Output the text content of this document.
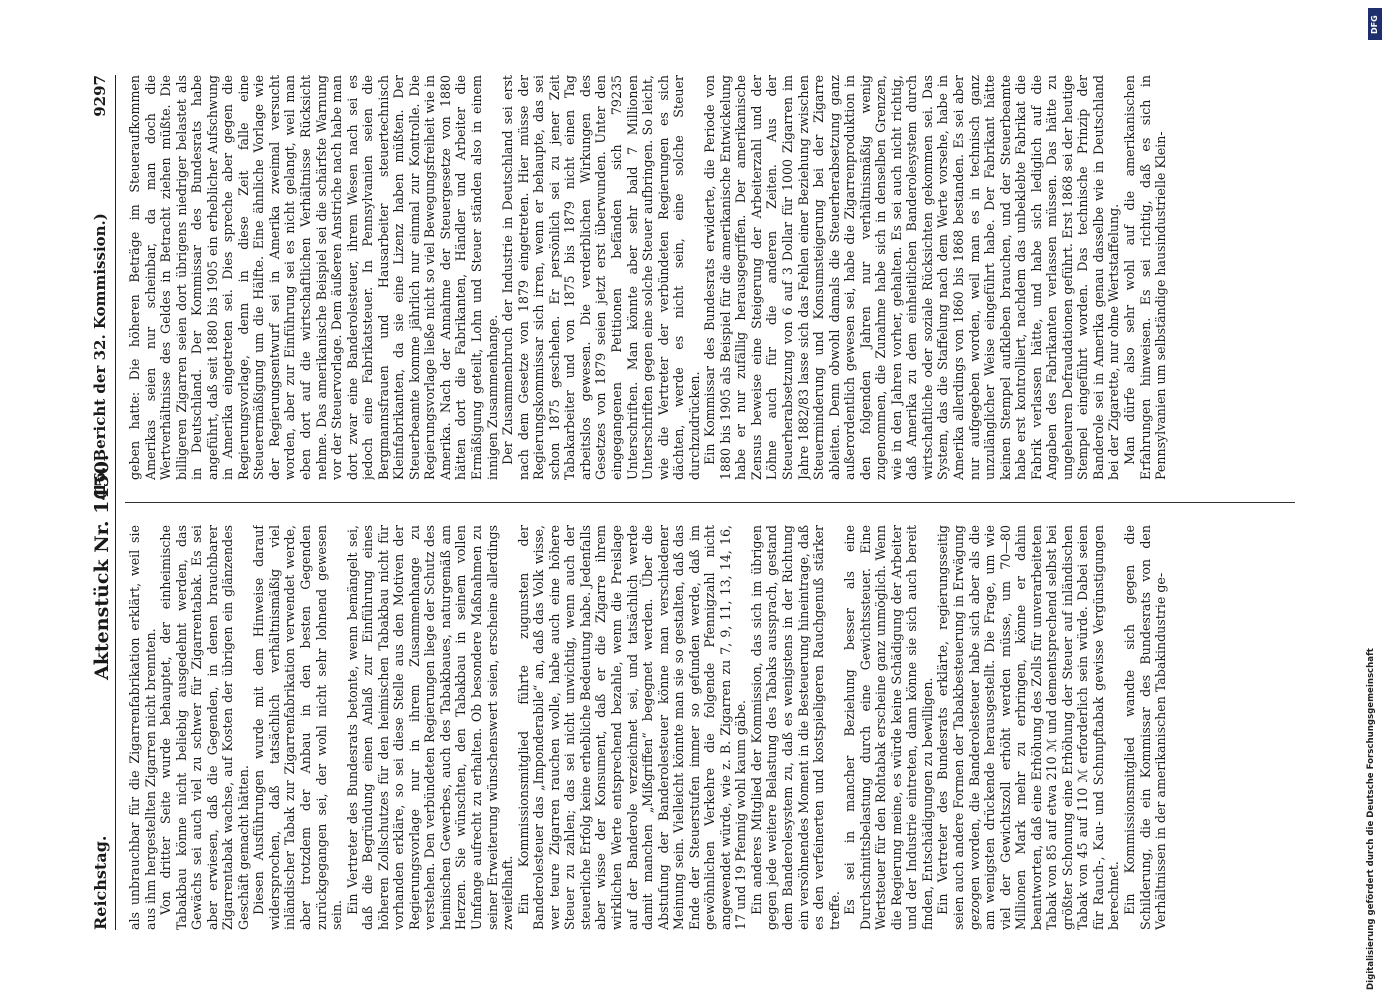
Reichstag.
Aktenstück Nr. 1450.
(16. Bericht der 32. Kommission.)
9297

als unbrauchbar für die Zigarrenfabrikation erklärt, weil sie aus ihm hergestellten Zigarren nicht brennten. Von dritter Seite wurde behauptet, der einheimische Tabakbau könne nicht beliebig ausgedehnt werden, das Gewächs sei auch viel zu schwer für Zigarrentabak. Es sei aber erwiesen, daß die Gegenden, in denen brauchbarer Zigarrentabak wachse, auf Kosten der übrigen ein glänzendes Geschäft gemacht hätten. Diesen Ausführungen wurde mit dem Hinweise darauf widersprochen, daß tatsächlich verhältnismäßig viel inländischer Tabak zur Zigarrenfabrikation verwendet werde, aber trotzdem der Anbau in den besten Gegenden zurückgegangen sei, der wohl nicht sehr lohnend gewesen sein.

Ein Vertreter des Bundesrats betonte, wenn bemängelt sei, daß die Begründung einen Anlaß zur Einführung eines höheren Zollschutzes für den heimischen Tabakbau nicht für vorhanden erkläre, so sei diese Stelle aus den Motiven der Regierungsvorlage nur in ihrem Zusammenhange zu verstehen. Den verbündeten Regierungen liege der Schutz des heimischen Gewerbes, auch des Tabakbaues, naturgemäß am Herzen. Sie wünschten, den Tabakbau in seinem vollen Umfange aufrecht zu erhalten. Ob besondere Maßnahmen zu seiner Erweiterung wünschenswert seien, erscheine allerdings zweifelhaft. Ein Kommissionsmitglied führte zugunsten der Banderolesteuer das „Imponderabile“ an, daß das Volk wisse, wer teure Zigarren rauchen wolle, habe auch eine höhere Steuer zu zahlen; das sei nicht unwichtig, wenn auch der steuerliche Erfolg keine erhebliche Bedeutung habe. Jedenfalls aber wisse der Konsument, daß er die Zigarre ihrem wirklichen Werte entsprechend bezahle, wenn die Preislage auf der Banderole verzeichnet sei, und tatsächlich werde damit manchen „Mißgriffen“ begegnet werden. Über die Abstufung der Banderolesteuer könne man verschiedener Meinung sein. Vielleicht könnte man sie so gestalten, daß das Ende der Steuerstufen immer so gefunden werde, daß im gewöhnlichen Verkehre die folgende Pfennigzahl nicht angewendet würde, wie z. B. Zigarren zu 7, 9, 11, 13, 14, 16, 17 und 19 Pfennig wohl kaum gäbe. Ein anderes Mitglied der Kommission, das sich im übrigen gegen jede weitere Belastung des Tabaks aussprach, gestand dem Banderolesystem zu, daß es wenigstens in der Richtung ein versöhnendes Moment in die Besteuerung hineintrage, daß es den verfeinerten und kostspieligeren Rauchgenuß stärker treffe. Es sei in mancher Beziehung besser als eine Durchschnittsbelastung durch eine Gewichtssteuer. Eine Wertsteuer für den Rohtabak erscheine ganz unmöglich. Wenn die Regierung meine, es würde keine Schädigung der Arbeiter und der Industrie eintreten, dann könne sie sich auch bereit finden, Entschädigungen zu bewilligen. Ein Vertreter des Bundesrats erklärte, regierungsseitig seien auch andere Formen der Tabakbesteuerung in Erwägung gezogen worden, die Banderolesteuer habe sich aber als die am wenigsten drückende herausgestellt. Die Frage, um wie viel der Gewichtszoll erhöht werden müsse, um 70—80 Millionen Mark mehr zu erbringen, könne er dahin beantworten, daß eine Erhöhung des Zolls für unverarbeiteten Tabak von 85 auf etwa 210 ℳ und dementsprechend selbst bei größter Schonung eine Erhöhung der Steuer auf inländischen Tabak von 45 auf 110 ℳ erforderlich sein würde. Dabei seien für Rauch-, Kau- und Schnupftabak gewisse Vergünstigungen berechnet. Ein Kommissionsmitglied wandte sich gegen die Schilderung, die ein Kommissar des Bundesrats von den Verhältnissen in der amerikanischen Tabakindustrie ge-

geben hatte: Die höheren Beträge im Steueraufkommen Amerikas seien nur scheinbar, da man doch die Wertverhältnisse des Geldes in Betracht ziehen müßte. Die billigeren Zigarren seien dort übrigens niedriger belastet als in Deutschland. Der Kommissar des Bundesrats habe angeführt, daß seit 1880 bis 1905 ein erheblicher Aufschwung in Amerika eingetreten sei. Dies spreche aber gegen die Regierungsvorlage, denn in diese Zeit falle eine Steuerermäßigung um die Hälfte. Eine ähnliche Vorlage wie der Regierungsentwurf sei in Amerika zweimal versucht worden, aber zur Einführung sei es nicht gelangt, weil man eben dort auf die wirtschaftlichen Verhältnisse Rücksicht nehme. Das amerikanische Beispiel sei die schärfste Warnung vor der Steuervorlage. Dem äußeren Anstriche nach habe man dort zwar eine Banderolesteuer, ihrem Wesen nach sei es jedoch eine Fabrikatsteuer. In Pennsylvanien seien die Bergmannsfrauen und Hausarbeiter steuertechnisch Kleinfabrikanten, da sie eine Lizenz haben müßten. Der Steuerbeamte komme jährlich nur einmal zur Kontrolle. Die Regierungsvorlage ließe nicht so viel Bewegungsfreiheit wie in Amerika. Nach der Annahme der Steuergesetze von 1880 hätten dort die Fabrikanten, Händler und Arbeiter die Ermäßigung geteilt, Lohn und Steuer ständen also in einem innigen Zusammenhange. Der Zusammenbruch der Industrie in Deutschland sei erst nach dem Gesetze von 1879 eingetreten. Hier müsse der Regierungskommissar sich irren, wenn er behaupte, das sei schon 1875 geschehen. Er persönlich sei zu jener Zeit Tabakarbeiter und von 1875 bis 1879 nicht einen Tag arbeitslos gewesen. Die verderblichen Wirkungen des Gesetzes von 1879 seien jetzt erst überwunden. Unter den eingegangenen Petitionen befänden sich 79235 Unterschriften. Man könnte aber sehr bald 7 Millionen Unterschriften gegen eine solche Steuer aufbringen. So leicht, wie die Vertreter der verbündeten Regierungen es sich dächten, werde es nicht sein, eine solche Steuer durchzudrücken. Ein Kommissar des Bundesrats erwiderte, die Periode von 1880 bis 1905 als Beispiel für die amerikanische Entwickelung habe er nur zufällig herausgegriffen. Der amerikanische Zensus beweise eine Steigerung der Arbeiterzahl und der Löhne auch für die anderen Zeiten. Aus der Steuerherabsetzung von 6 auf 3 Dollar für 1000 Zigarren im Jahre 1882/83 lasse sich das Fehlen einer Beziehung zwischen Steuerminderung und Konsumsteigerung bei der Zigarre ableiten. Denn obwohl damals die Steuerherabsetzung ganz außerordentlich gewesen sei, habe die Zigarrenproduktion in den folgenden Jahren nur verhältnismäßig wenig zugenommen, die Zunahme habe sich in denselben Grenzen, wie in den Jahren vorher, gehalten. Es sei auch nicht richtig, daß Amerika zu dem einheitlichen Banderolesystem durch wirtschaftliche oder soziale Rücksichten gekommen sei. Das System, das die Staffelung nach dem Werte vorsehe, habe in Amerika allerdings von 1860 bis 1868 bestanden. Es sei aber nur aufgegeben worden, weil man es in technisch ganz unzulänglicher Weise eingeführt habe. Der Fabrikant hätte keinen Stempel aufkleben brauchen, und der Steuerbeamte habe erst kontrolliert, nachdem das unbeklebte Fabrikat die Fabrik verlassen hätte, und habe sich lediglich auf die Angaben des Fabrikanten verlassen müssen. Das hätte zu ungeheuren Defraudationen geführt. Erst 1868 sei der heutige Stempel eingeführt worden. Das technische Prinzip der Banderole sei in Amerika genau dasselbe wie in Deutschland bei der Zigarette, nur ohne Wertstaffelung. Man dürfe also sehr wohl auf die amerikanischen Erfahrungen hinweisen. Es sei richtig, daß es sich in Pennsylvanien um selbständige hausindustrielle Klein-

DFG
Digitalisierung gefördert durch die Deutsche Forschungsgemeinschaft
